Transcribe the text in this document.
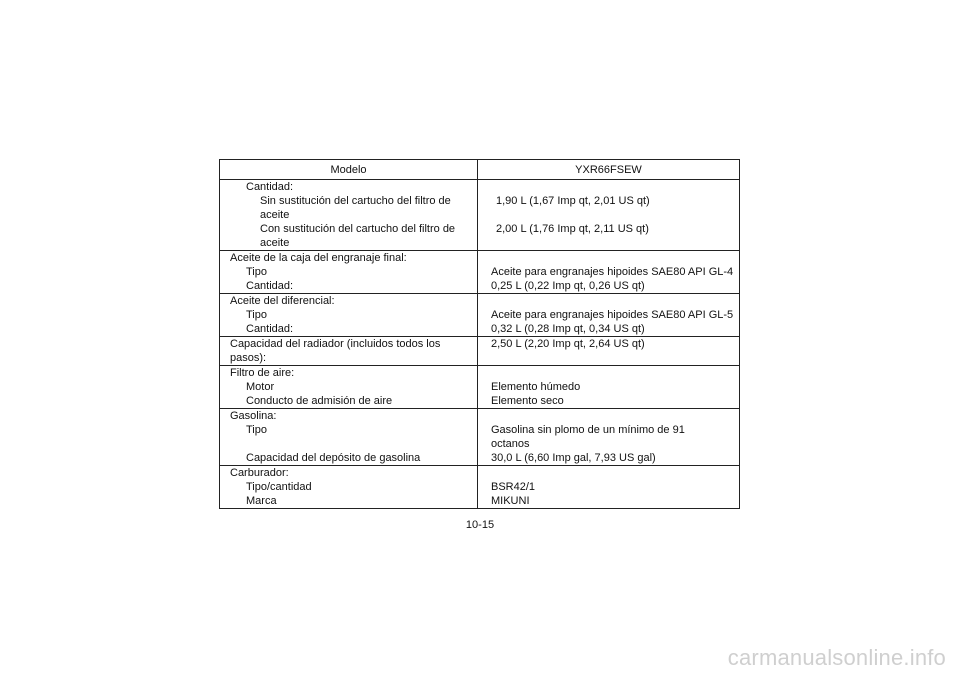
Modelo	YXR66FSEW

Cantidad:	

Sin sustitución del cartucho del filtro de aceite	1,90 L (1,67 Imp qt, 2,01 US qt)

Con sustitución del cartucho del filtro de aceite	2,00 L (1,76 Imp qt, 2,11 US qt)

Aceite de la caja del engranaje final:	

Tipo	Aceite para engranajes hipoides SAE80 API GL-4

Cantidad:	0,25 L (0,22 Imp qt, 0,26 US qt)

Aceite del diferencial:	

Tipo	Aceite para engranajes hipoides SAE80 API GL-5

Cantidad:	0,32 L (0,28 Imp qt, 0,34 US qt)

Capacidad del radiador (incluidos todos los pasos):	2,50 L (2,20 Imp qt, 2,64 US qt)

Filtro de aire:	

Motor	Elemento húmedo

Conducto de admisión de aire	Elemento seco

Gasolina:	

Tipo	Gasolina sin plomo de un mínimo de 91
octanos

Capacidad del depósito de gasolina	30,0 L (6,60 Imp gal, 7,93 US gal)

Carburador:	

Tipo/cantidad	BSR42/1

Marca	MIKUNI
10-15
carmanualsonline.info
